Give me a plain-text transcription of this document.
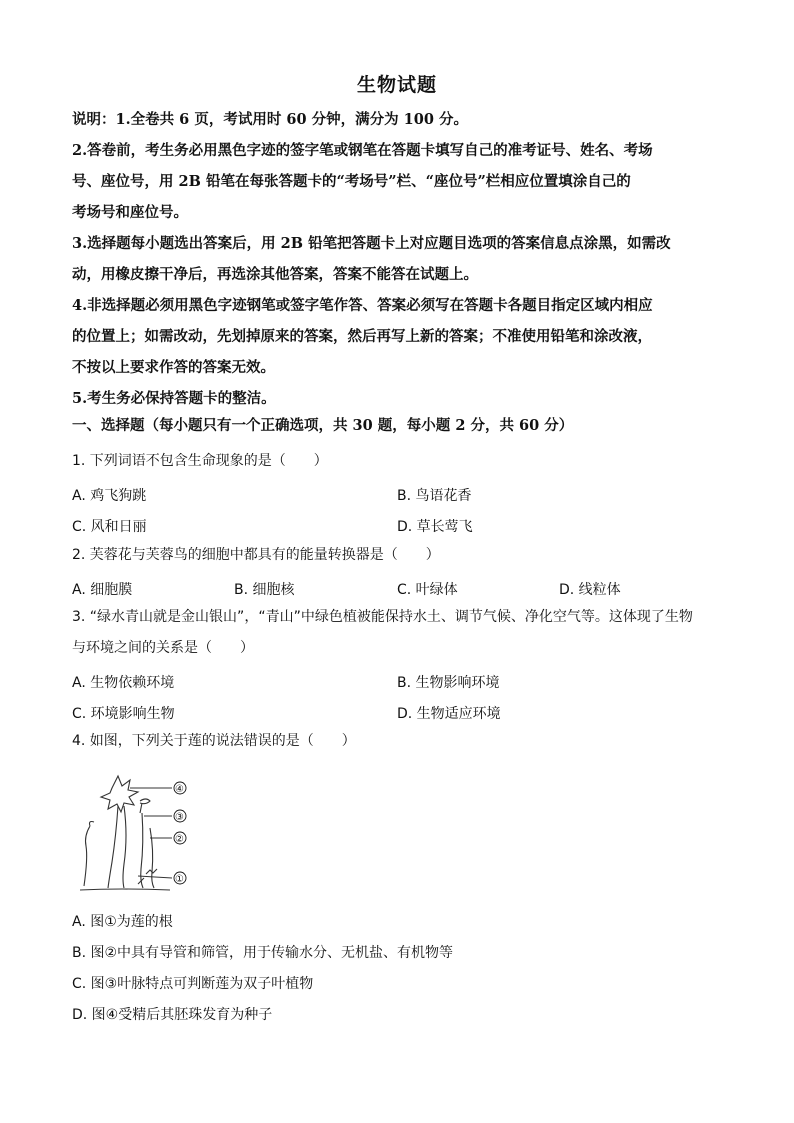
生物试题

说明：1.全卷共 6 页，考试用时 60 分钟，满分为 100 分。

2.答卷前，考生务必用黑色字迹的签字笔或钢笔在答题卡填写自己的准考证号、姓名、考场

号、座位号，用 2B 铅笔在每张答题卡的“考场号”栏、“座位号”栏相应位置填涂自己的

考场号和座位号。

3.选择题每小题选出答案后，用 2B 铅笔把答题卡上对应题目选项的答案信息点涂黑，如需改

动，用橡皮擦干净后，再选涂其他答案，答案不能答在试题上。

4.非选择题必须用黑色字迹钢笔或签字笔作答、答案必须写在答题卡各题目指定区域内相应

的位置上；如需改动，先划掉原来的答案，然后再写上新的答案；不准使用铅笔和涂改液，

不按以上要求作答的答案无效。

5.考生务必保持答题卡的整洁。

一、选择题（每小题只有一个正确选项，共 30 题，每小题 2 分，共 60 分）

1. 下列词语不包含生命现象的是（　　）

A. 鸡飞狗跳	B. 鸟语花香
C. 风和日丽	D. 草长莺飞

2. 芙蓉花与芙蓉鸟的细胞中都具有的能量转换器是（　　）

A. 细胞膜	B. 细胞核	C. 叶绿体	D. 线粒体

3. “绿水青山就是金山银山”，“青山”中绿色植被能保持水土、调节气候、净化空气等。这体现了生物

与环境之间的关系是（　　）

A. 生物依赖环境	B. 生物影响环境
C. 环境影响生物	D. 生物适应环境

4. 如图，下列关于莲的说法错误的是（　　）

④
③
②
①
A. 图①为莲的根
B. 图②中具有导管和筛管，用于传输水分、无机盐、有机物等
C. 图③叶脉特点可判断莲为双子叶植物
D. 图④受精后其胚珠发育为种子
